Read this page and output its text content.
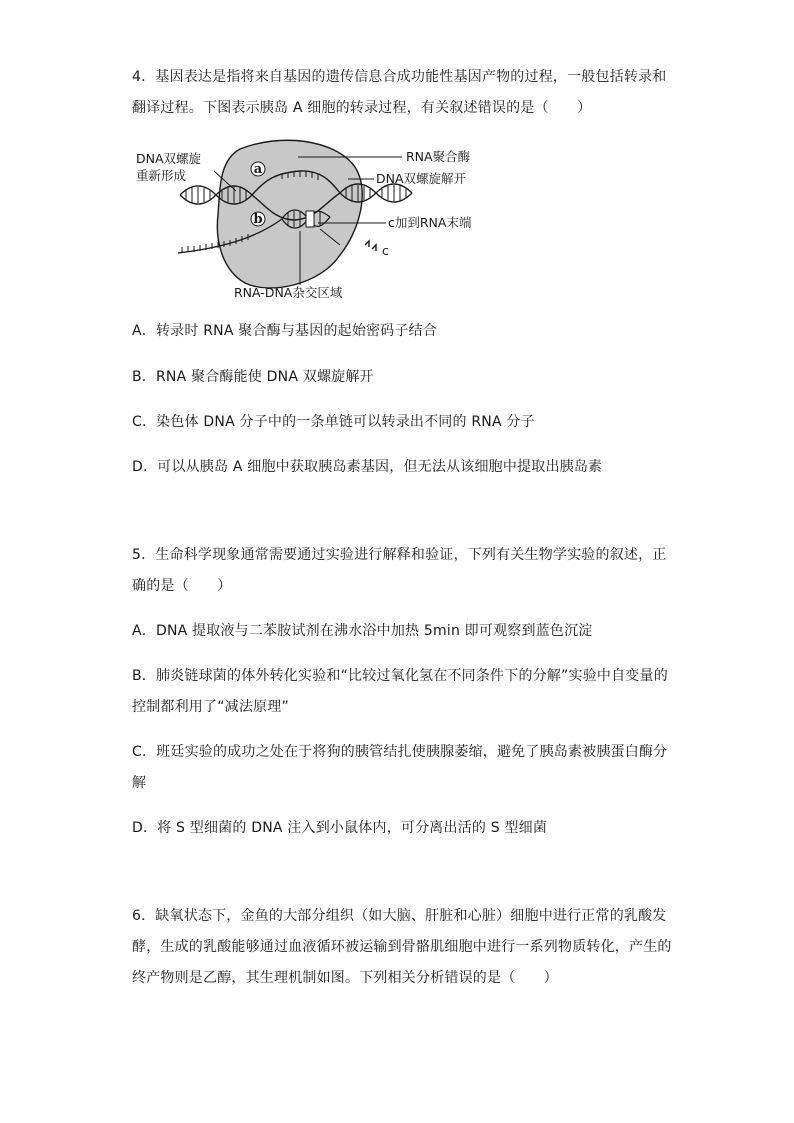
4．基因表达是指将来自基因的遗传信息合成功能性基因产物的过程，一般包括转录和
翻译过程。下图表示胰岛 A 细胞的转录过程，有关叙述错误的是（　　）
a
b
DNA双螺旋
重新形成
RNA聚合酶
DNA双螺旋解开
c加到RNA末端
c
RNA-DNA杂交区域
A．转录时 RNA 聚合酶与基因的起始密码子结合
B．RNA 聚合酶能使 DNA 双螺旋解开
C．染色体 DNA 分子中的一条单链可以转录出不同的 RNA 分子
D．可以从胰岛 A 细胞中获取胰岛素基因，但无法从该细胞中提取出胰岛素
5．生命科学现象通常需要通过实验进行解释和验证，下列有关生物学实验的叙述，正
确的是（　　）
A．DNA 提取液与二苯胺试剂在沸水浴中加热 5min 即可观察到蓝色沉淀
B．肺炎链球菌的体外转化实验和“比较过氧化氢在不同条件下的分解”实验中自变量的
控制都利用了“减法原理”
C．班廷实验的成功之处在于将狗的胰管结扎使胰腺萎缩，避免了胰岛素被胰蛋白酶分
解
D．将 S 型细菌的 DNA 注入到小鼠体内，可分离出活的 S 型细菌
6．缺氧状态下，金鱼的大部分组织（如大脑、肝脏和心脏）细胞中进行正常的乳酸发
酵，生成的乳酸能够通过血液循环被运输到骨骼肌细胞中进行一系列物质转化，产生的
终产物则是乙醇，其生理机制如图。下列相关分析错误的是（　　）
